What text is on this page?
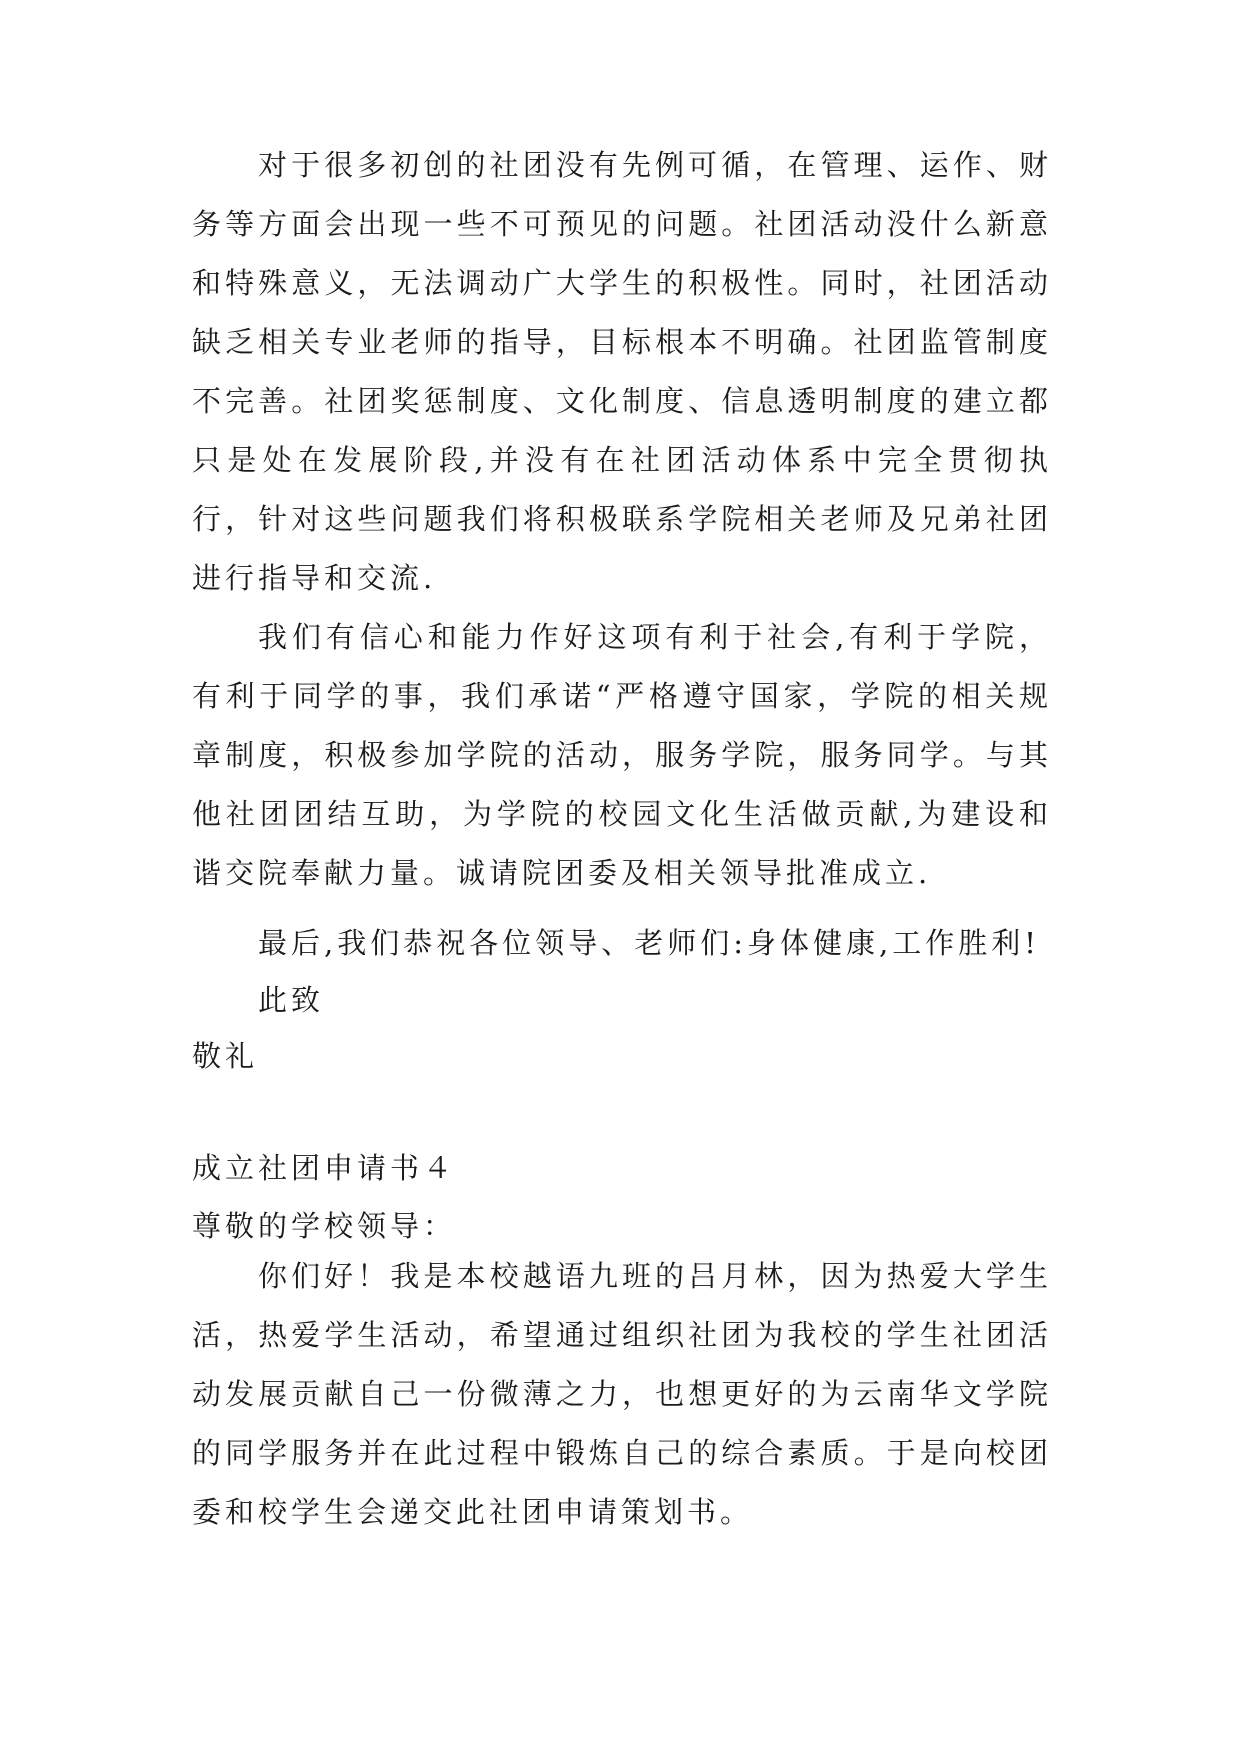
对于很多初创的社团没有先例可循，在管理、运作、财务等方面会出现一些不可预见的问题。社团活动没什么新意和特殊意义，无法调动广大学生的积极性。同时，社团活动缺乏相关专业老师的指导，目标根本不明确。社团监管制度不完善。社团奖惩制度、文化制度、信息透明制度的建立都只是处在发展阶段,并没有在社团活动体系中完全贯彻执行，针对这些问题我们将积极联系学院相关老师及兄弟社团进行指导和交流.

我们有信心和能力作好这项有利于社会,有利于学院，有利于同学的事，我们承诺“严格遵守国家，学院的相关规章制度，积极参加学院的活动，服务学院，服务同学。与其他社团团结互助，为学院的校园文化生活做贡献,为建设和谐交院奉献力量。诚请院团委及相关领导批准成立.

最后,我们恭祝各位领导、老师们:身体健康,工作胜利!
此致
敬礼
成立社团申请书４
尊敬的学校领导：

你们好！我是本校越语九班的吕月林，因为热爱大学生活，热爱学生活动，希望通过组织社团为我校的学生社团活动发展贡献自己一份微薄之力，也想更好的为云南华文学院的同学服务并在此过程中锻炼自己的综合素质。于是向校团委和校学生会递交此社团申请策划书。
